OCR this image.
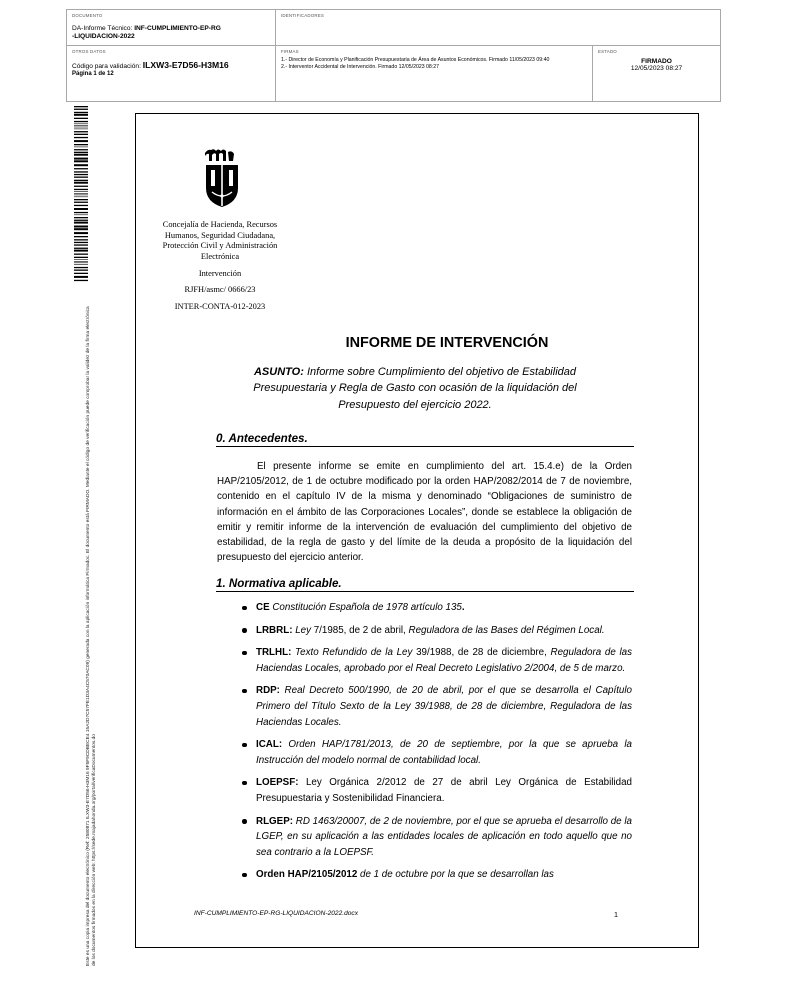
DOCUMENTO
DA-Informe Técnico: INF-CUMPLIMIENTO-EP-RG
-LIQUIDACION-2022
IDENTIFICADORES
OTROS DATOS
Código para validación: ILXW3-E7D56-H3M16
Página 1 de 12
FIRMAS
1.- Director de Economía y Planificación Presupuestaria de Área de Asuntos Económicos. Firmado 11/05/2023 09:40
2.- Interventor Accidental de Intervención. Firmado 12/05/2023 08:27
ESTADO
FIRMADO
12/05/2023 08:27
Este es una copia impresa del documento electrónico (Ref: 2580871 ILXW3-E7D56-H3M16 9F5F9CDBECE4 15A2D7C57FE1D3A4C570AC09) generada con la aplicación informática Firmadoc. El documento está FIRMADO. Mediante el código de verificación puede comprobar la validez de la firma electrónica de los documentos firmados en la dirección web: https://sede.majadahonda.org/portal/verificaDocumentos.do
Concejalía de Hacienda, Recursos Humanos, Seguridad Ciudadana, Protección Civil y Administración Electrónica
Intervención
RJFH/asmc/ 0666/23
INTER-CONTA-012-2023
INFORME DE INTERVENCIÓN
ASUNTO: Informe sobre Cumplimiento del objetivo de Estabilidad Presupuestaria y Regla de Gasto con ocasión de la liquidación del Presupuesto del ejercicio 2022.
0. Antecedentes.
El presente informe se emite en cumplimiento del art. 15.4.e) de la Orden HAP/2105/2012, de 1 de octubre modificado por la orden HAP/2082/2014 de 7 de noviembre, contenido en el capítulo IV de la misma y denominado “Obligaciones de suministro de información en el ámbito de las Corporaciones Locales”, donde se establece la obligación de emitir y remitir informe de la intervención de evaluación del cumplimiento del objetivo de estabilidad, de la regla de gasto y del límite de la deuda a propósito de la liquidación del presupuesto del ejercicio anterior.
1. Normativa aplicable.
CE Constitución Española de 1978 artículo 135.
LRBRL: Ley 7/1985, de 2 de abril, Reguladora de las Bases del Régimen Local.
TRLHL: Texto Refundido de la Ley 39/1988, de 28 de diciembre, Reguladora de las Haciendas Locales, aprobado por el Real Decreto Legislativo 2/2004, de 5 de marzo.
RDP: Real Decreto 500/1990, de 20 de abril, por el que se desarrolla el Capítulo Primero del Título Sexto de la Ley 39/1988, de 28 de diciembre, Reguladora de las Haciendas Locales.
ICAL: Orden HAP/1781/2013, de 20 de septiembre, por la que se aprueba la Instrucción del modelo normal de contabilidad local.
LOEPSF: Ley Orgánica 2/2012 de 27 de abril Ley Orgánica de Estabilidad Presupuestaria y Sostenibilidad Financiera.
RLGEP: RD 1463/20007, de 2 de noviembre, por el que se aprueba el desarrollo de la LGEP, en su aplicación a las entidades locales de aplicación en todo aquello que no sea contrario a la LOEPSF.
Orden HAP/2105/2012 de 1 de octubre por la que se desarrollan las
INF-CUMPLIMIENTO-EP-RG-LIQUIDACION-2022.docx	1
